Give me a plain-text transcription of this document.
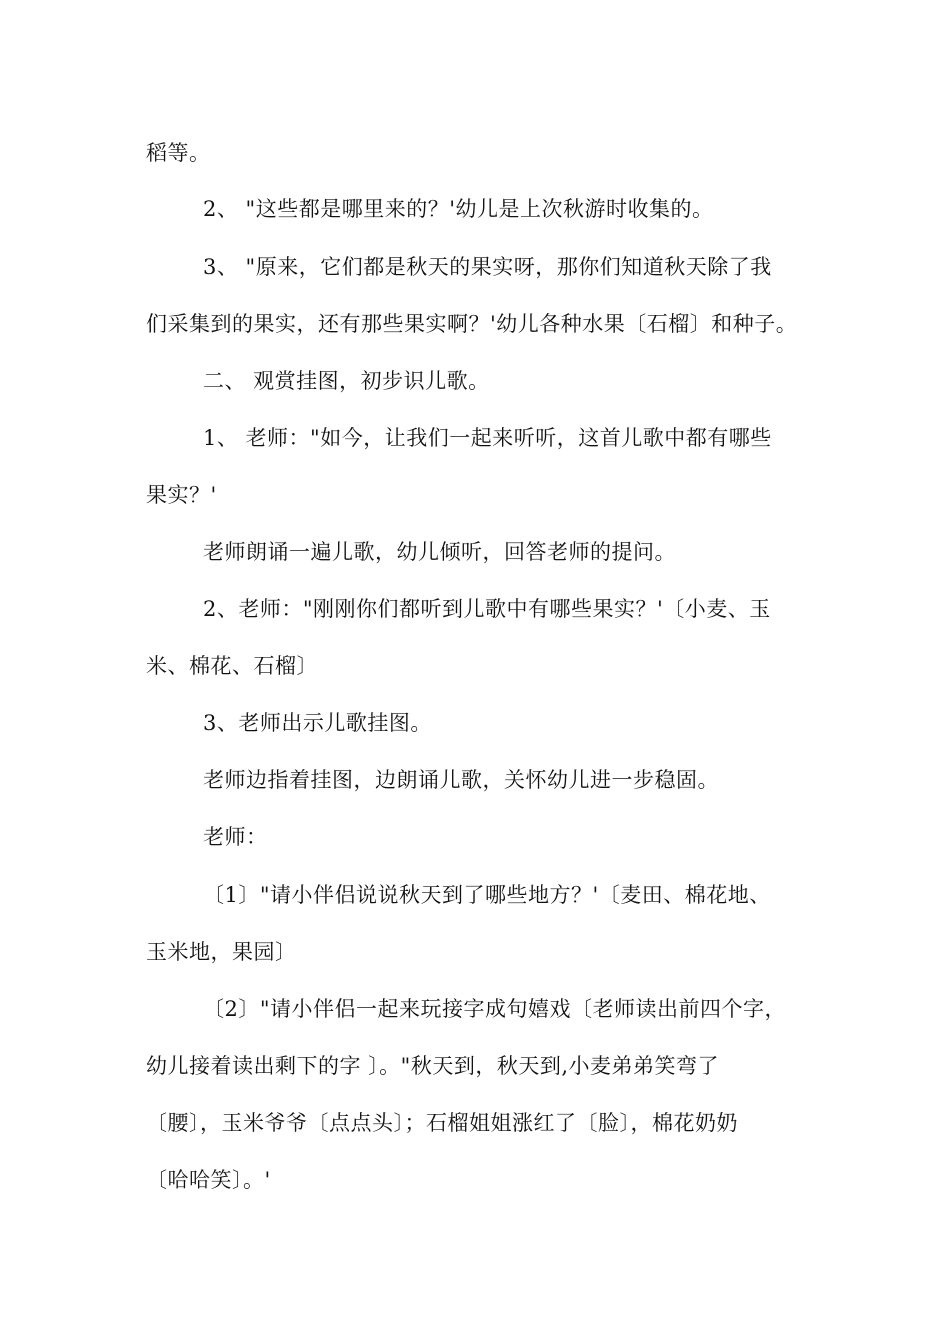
稻等。
2、 "这些都是哪里来的？'幼儿是上次秋游时收集的。
3、 "原来，它们都是秋天的果实呀，那你们知道秋天除了我
们采集到的果实，还有那些果实啊？'幼儿各种水果〔石榴〕和种子。
二、 观赏挂图，初步识儿歌。
1、 老师："如今，让我们一起来听听，这首儿歌中都有哪些
果实？'
老师朗诵一遍儿歌，幼儿倾听，回答老师的提问。
2、老师："刚刚你们都听到儿歌中有哪些果实？'〔小麦、玉
米、棉花、石榴〕
3、老师出示儿歌挂图。
老师边指着挂图，边朗诵儿歌，关怀幼儿进一步稳固。
老师：
〔1〕"请小伴侣说说秋天到了哪些地方？'〔麦田、棉花地、
玉米地，果园〕
〔2〕"请小伴侣一起来玩接字成句嬉戏〔老师读出前四个字，
幼儿接着读出剩下的字 〕。"秋天到，秋天到,小麦弟弟笑弯了
〔腰〕，玉米爷爷〔点点头〕；石榴姐姐涨红了〔脸〕，棉花奶奶
〔哈哈笑〕。'
